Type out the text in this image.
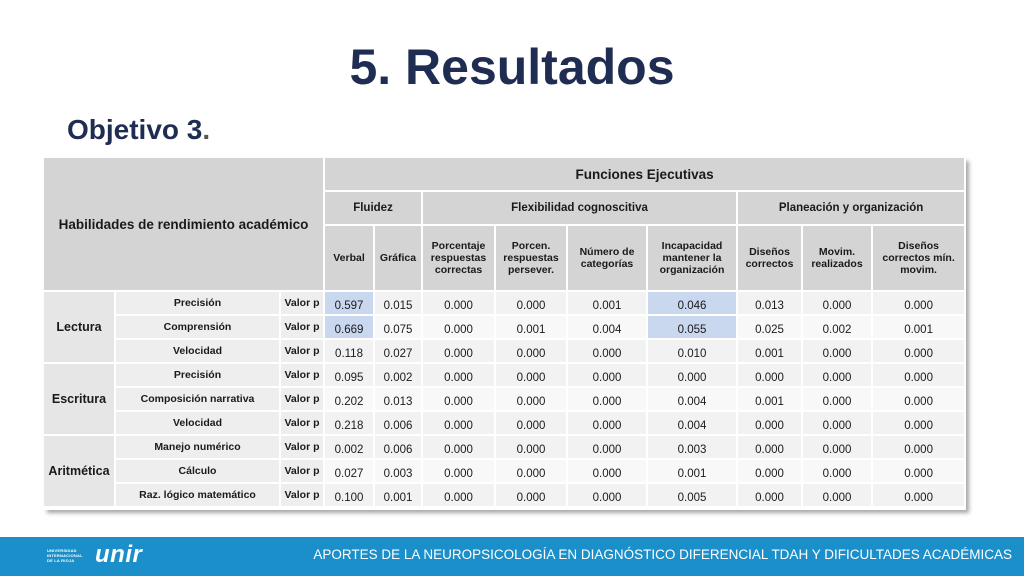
5. Resultados
Objetivo 3.
Habilidades de rendimiento académico			Funciones Ejecutivas								
			Fluidez		Flexibilidad cognoscitiva				Planeación y organización		
			Verbal	Gráfica	Porcentaje respuestas correctas	Porcen. respuestas persever.	Número de categorías	Incapacidad mantener la organización	Diseños correctos	Movim. realizados	Diseños correctos mín. movim.
Lectura	Precisión	Valor p	0.597	0.015	0.000	0.000	0.001	0.046	0.013	0.000	0.000
	Comprensión	Valor p	0.669	0.075	0.000	0.001	0.004	0.055	0.025	0.002	0.001
	Velocidad	Valor p	0.118	0.027	0.000	0.000	0.000	0.010	0.001	0.000	0.000
Escritura	Precisión	Valor p	0.095	0.002	0.000	0.000	0.000	0.000	0.000	0.000	0.000
	Composición narrativa	Valor p	0.202	0.013	0.000	0.000	0.000	0.004	0.001	0.000	0.000
	Velocidad	Valor p	0.218	0.006	0.000	0.000	0.000	0.004	0.000	0.000	0.000
Aritmética	Manejo numérico	Valor p	0.002	0.006	0.000	0.000	0.000	0.003	0.000	0.000	0.000
	Cálculo	Valor p	0.027	0.003	0.000	0.000	0.000	0.001	0.000	0.000	0.000
	Raz. lógico matemático	Valor p	0.100	0.001	0.000	0.000	0.000	0.005	0.000	0.000	0.000
UNIVERSIDAD
INTERNACIONAL
DE LA RIOJA unir	APORTES DE LA NEUROPSICOLOGÍA EN DIAGNÓSTICO DIFERENCIAL TDAH Y DIFICULTADES ACADÉMICAS
